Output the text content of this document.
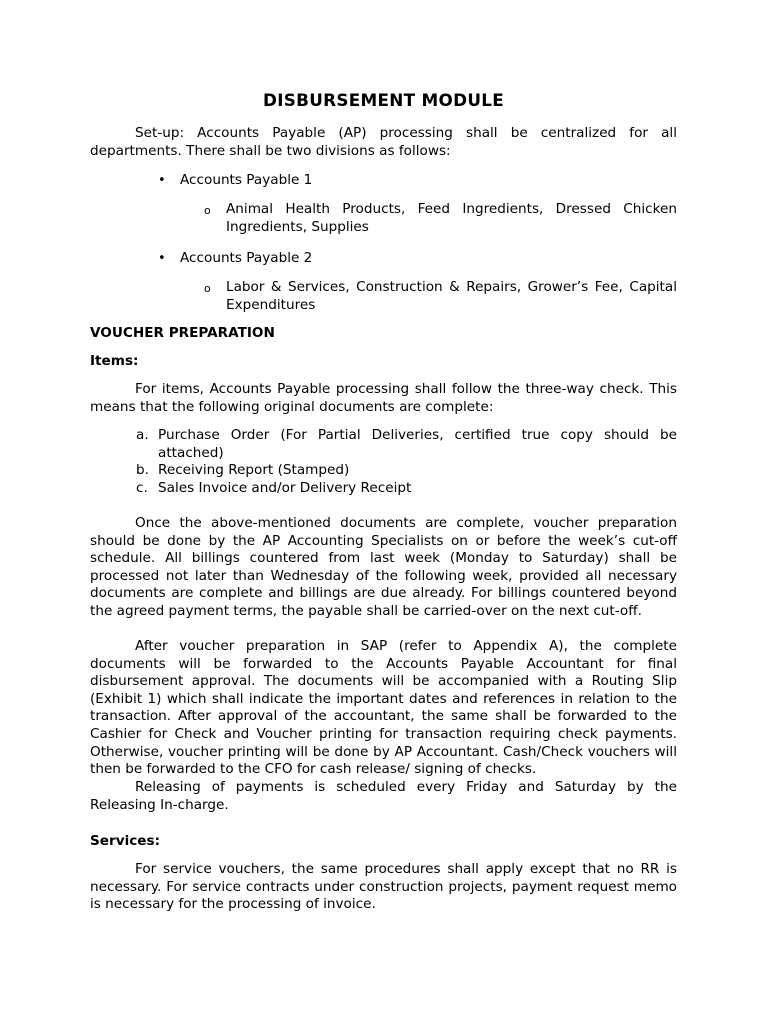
DISBURSEMENT MODULE

Set-up: Accounts Payable (AP) processing shall be centralized for all departments. There shall be two divisions as follows:

• Accounts Payable 1
o Animal Health Products, Feed Ingredients, Dressed Chicken Ingredients, Supplies
• Accounts Payable 2
o Labor & Services, Construction & Repairs, Grower’s Fee, Capital Expenditures

VOUCHER PREPARATION

Items:

For items, Accounts Payable processing shall follow the three-way check. This means that the following original documents are complete:

a. Purchase Order (For Partial Deliveries, certified true copy should be attached)
b. Receiving Report (Stamped)
c. Sales Invoice and/or Delivery Receipt

Once the above-mentioned documents are complete, voucher preparation should be done by the AP Accounting Specialists on or before the week’s cut-off schedule. All billings countered from last week (Monday to Saturday) shall be processed not later than Wednesday of the following week, provided all necessary documents are complete and billings are due already. For billings countered beyond the agreed payment terms, the payable shall be carried-over on the next cut-off.

After voucher preparation in SAP (refer to Appendix A), the complete documents will be forwarded to the Accounts Payable Accountant for final disbursement approval. The documents will be accompanied with a Routing Slip (Exhibit 1) which shall indicate the important dates and references in relation to the transaction. After approval of the accountant, the same shall be forwarded to the Cashier for Check and Voucher printing for transaction requiring check payments. Otherwise, voucher printing will be done by AP Accountant. Cash/Check vouchers will then be forwarded to the CFO for cash release/ signing of checks.

Releasing of payments is scheduled every Friday and Saturday by the Releasing In-charge.

Services:

For service vouchers, the same procedures shall apply except that no RR is necessary. For service contracts under construction projects, payment request memo is necessary for the processing of invoice.
